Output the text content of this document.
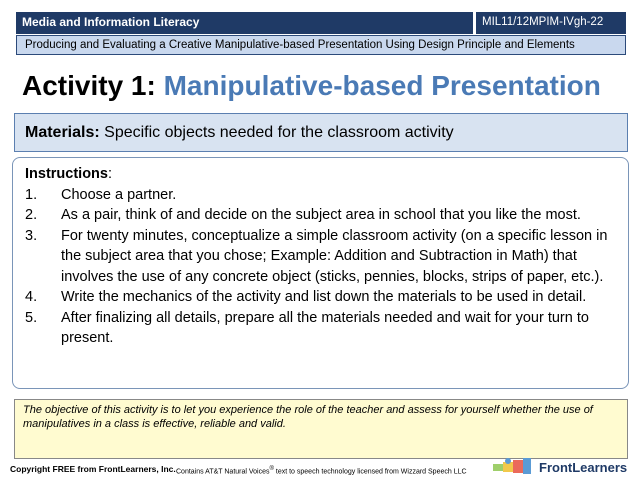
Media and Information Literacy	MIL11/12MPIM-IVgh-22
Producing and Evaluating a Creative Manipulative-based Presentation Using Design Principle and Elements
Activity 1: Manipulative-based Presentation
Materials: Specific objects needed for the classroom activity
Instructions:
1.	Choose a partner.
2.	As a pair, think of and decide on the subject area in school that you like the most.
3.	For twenty minutes, conceptualize a simple classroom activity (on a specific lesson in the subject area that you chose; Example: Addition and Subtraction in Math) that involves the use of any concrete object (sticks, pennies, blocks, strips of paper, etc.).
4.	Write the mechanics of the activity and list down the materials to be used in detail.
5.	After finalizing all details, prepare all the materials needed and wait for your turn to present.
The objective of this activity is to let you experience the role of the teacher and assess for yourself whether the use of manipulatives in a class is effective, reliable and valid.
Copyright FREE from FrontLearners, Inc. Contains AT&T Natural Voices® text to speech technology licensed from Wizzard Speech LLC	FrontLearners
